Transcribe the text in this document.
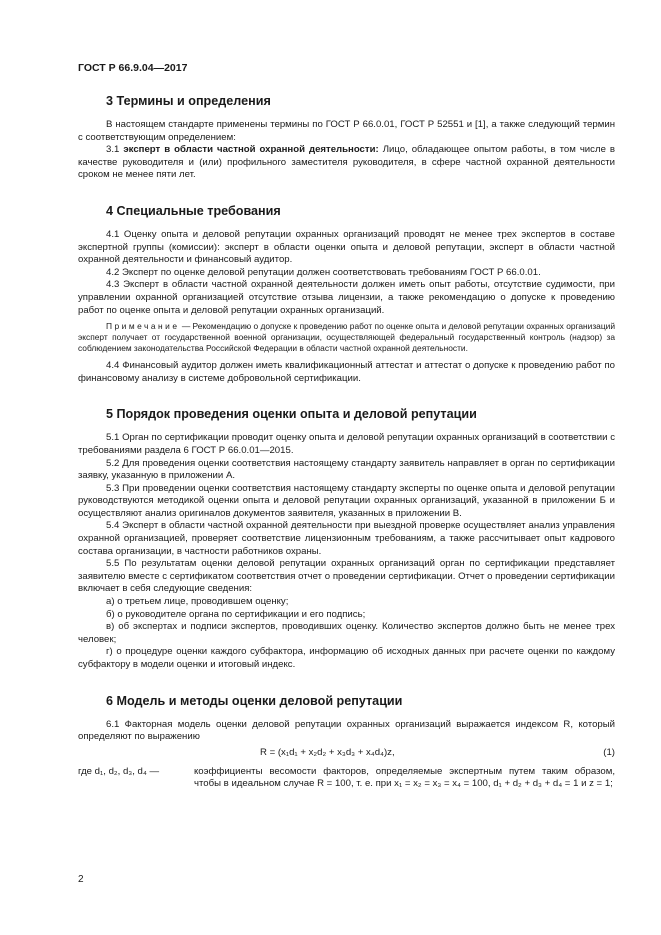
ГОСТ Р 66.9.04—2017
3 Термины и определения

В настоящем стандарте применены термины по ГОСТ Р 66.0.01, ГОСТ Р 52551 и [1], а также следующий термин с соответствующим определением:

3.1 эксперт в области частной охранной деятельности: Лицо, обладающее опытом работы, в том числе в качестве руководителя и (или) профильного заместителя руководителя, в сфере частной охранной деятельности сроком не менее пяти лет.

4 Специальные требования

4.1 Оценку опыта и деловой репутации охранных организаций проводят не менее трех экспертов в составе экспертной группы (комиссии): эксперт в области оценки опыта и деловой репутации, эксперт в области частной охранной деятельности и финансовый аудитор.

4.2 Эксперт по оценке деловой репутации должен соответствовать требованиям ГОСТ Р 66.0.01.

4.3 Эксперт в области частной охранной деятельности должен иметь опыт работы, отсутствие судимости, при управлении охранной организацией отсутствие отзыва лицензии, а также рекомендацию о допуске к проведению работ по оценке опыта и деловой репутации охранных организаций.

Примечание — Рекомендацию о допуске к проведению работ по оценке опыта и деловой репутации охранных организаций эксперт получает от государственной военной организации, осуществляющей федеральный государственный контроль (надзор) за соблюдением законодательства Российской Федерации в области частной охранной деятельности.

4.4 Финансовый аудитор должен иметь квалификационный аттестат и аттестат о допуске к проведению работ по финансовому анализу в системе добровольной сертификации.

5 Порядок проведения оценки опыта и деловой репутации

5.1 Орган по сертификации проводит оценку опыта и деловой репутации охранных организаций в соответствии с требованиями раздела 6 ГОСТ Р 66.0.01—2015.

5.2 Для проведения оценки соответствия настоящему стандарту заявитель направляет в орган по сертификации заявку, указанную в приложении А.

5.3 При проведении оценки соответствия настоящему стандарту эксперты по оценке опыта и деловой репутации руководствуются методикой оценки опыта и деловой репутации охранных организаций, указанной в приложении Б и осуществляют анализ оригиналов документов заявителя, указанных в приложении В.

5.4 Эксперт в области частной охранной деятельности при выездной проверке осуществляет анализ управления охранной организацией, проверяет соответствие лицензионным требованиям, а также рассчитывает опыт кадрового состава организации, в частности работников охраны.

5.5 По результатам оценки деловой репутации охранных организаций орган по сертификации представляет заявителю вместе с сертификатом соответствия отчет о проведении сертификации. Отчет о проведении сертификации включает в себя следующие сведения:

а) о третьем лице, проводившем оценку;

б) о руководителе органа по сертификации и его подпись;

в) об экспертах и подписи экспертов, проводивших оценку. Количество экспертов должно быть не менее трех человек;

г) о процедуре оценки каждого субфактора, информацию об исходных данных при расчете оценки по каждому субфактору в модели оценки и итоговый индекс.

6 Модель и методы оценки деловой репутации

6.1 Факторная модель оценки деловой репутации охранных организаций выражается индексом R, который определяют по выражению

R = (x₁d₁ + x₂d₂ + x₃d₃ + x₄d₄)z,	(1)
где d₁, d₂, d₃, d₄ —	коэффициенты весомости факторов, определяемые экспертным путем таким образом, чтобы в идеальном случае R = 100, т. е. при x₁ = x₂ = x₃ = x₄ = 100, d₁ + d₂ + d₃ + d₄ = 1 и z = 1;
2
